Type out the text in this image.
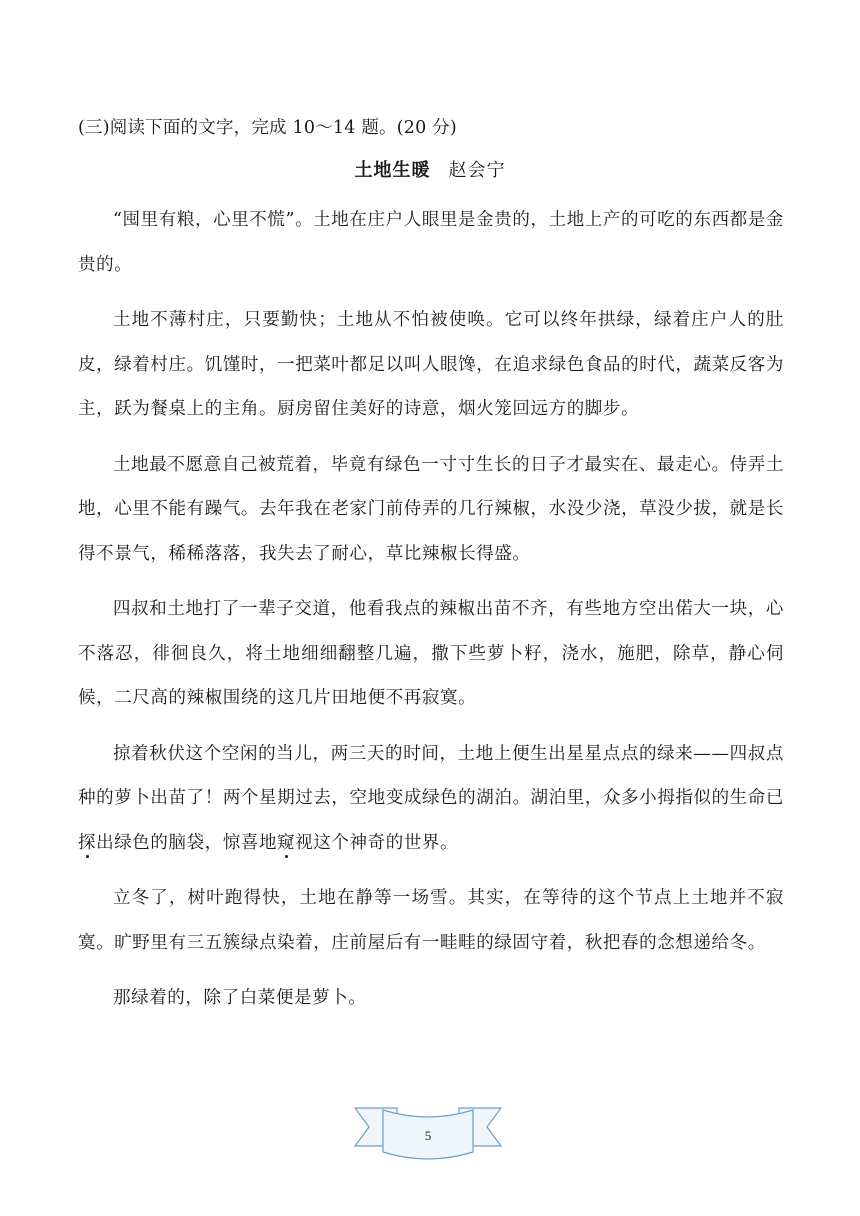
(三)阅读下面的文字，完成 10～14 题。(20 分)
土地生暖 赵会宁

“囤里有粮，心里不慌”。土地在庄户人眼里是金贵的，土地上产的可吃的东西都是金贵的。

土地不薄村庄，只要勤快；土地从不怕被使唤。它可以终年拱绿，绿着庄户人的肚皮，绿着村庄。饥馑时，一把菜叶都足以叫人眼馋，在追求绿色食品的时代，蔬菜反客为主，跃为餐桌上的主角。厨房留住美好的诗意，烟火笼回远方的脚步。

土地最不愿意自己被荒着，毕竟有绿色一寸寸生长的日子才最实在、最走心。侍弄土地，心里不能有躁气。去年我在老家门前侍弄的几行辣椒，水没少浇，草没少拔，就是长得不景气，稀稀落落，我失去了耐心，草比辣椒长得盛。

四叔和土地打了一辈子交道，他看我点的辣椒出苗不齐，有些地方空出偌大一块，心不落忍，徘徊良久，将土地细细翻整几遍，撒下些萝卜籽，浇水，施肥，除草，静心伺候，二尺高的辣椒围绕的这几片田地便不再寂寞。

掠着秋伏这个空闲的当儿，两三天的时间，土地上便生出星星点点的绿来——四叔点种的萝卜出苗了！两个星期过去，空地变成绿色的湖泊。湖泊里，众多小拇指似的生命已探出绿色的脑袋，惊喜地窥视这个神奇的世界。

立冬了，树叶跑得快，土地在静等一场雪。其实，在等待的这个节点上土地并不寂寞。旷野里有三五簇绿点染着，庄前屋后有一畦畦的绿固守着，秋把春的念想递给冬。

那绿着的，除了白菜便是萝卜。

5
